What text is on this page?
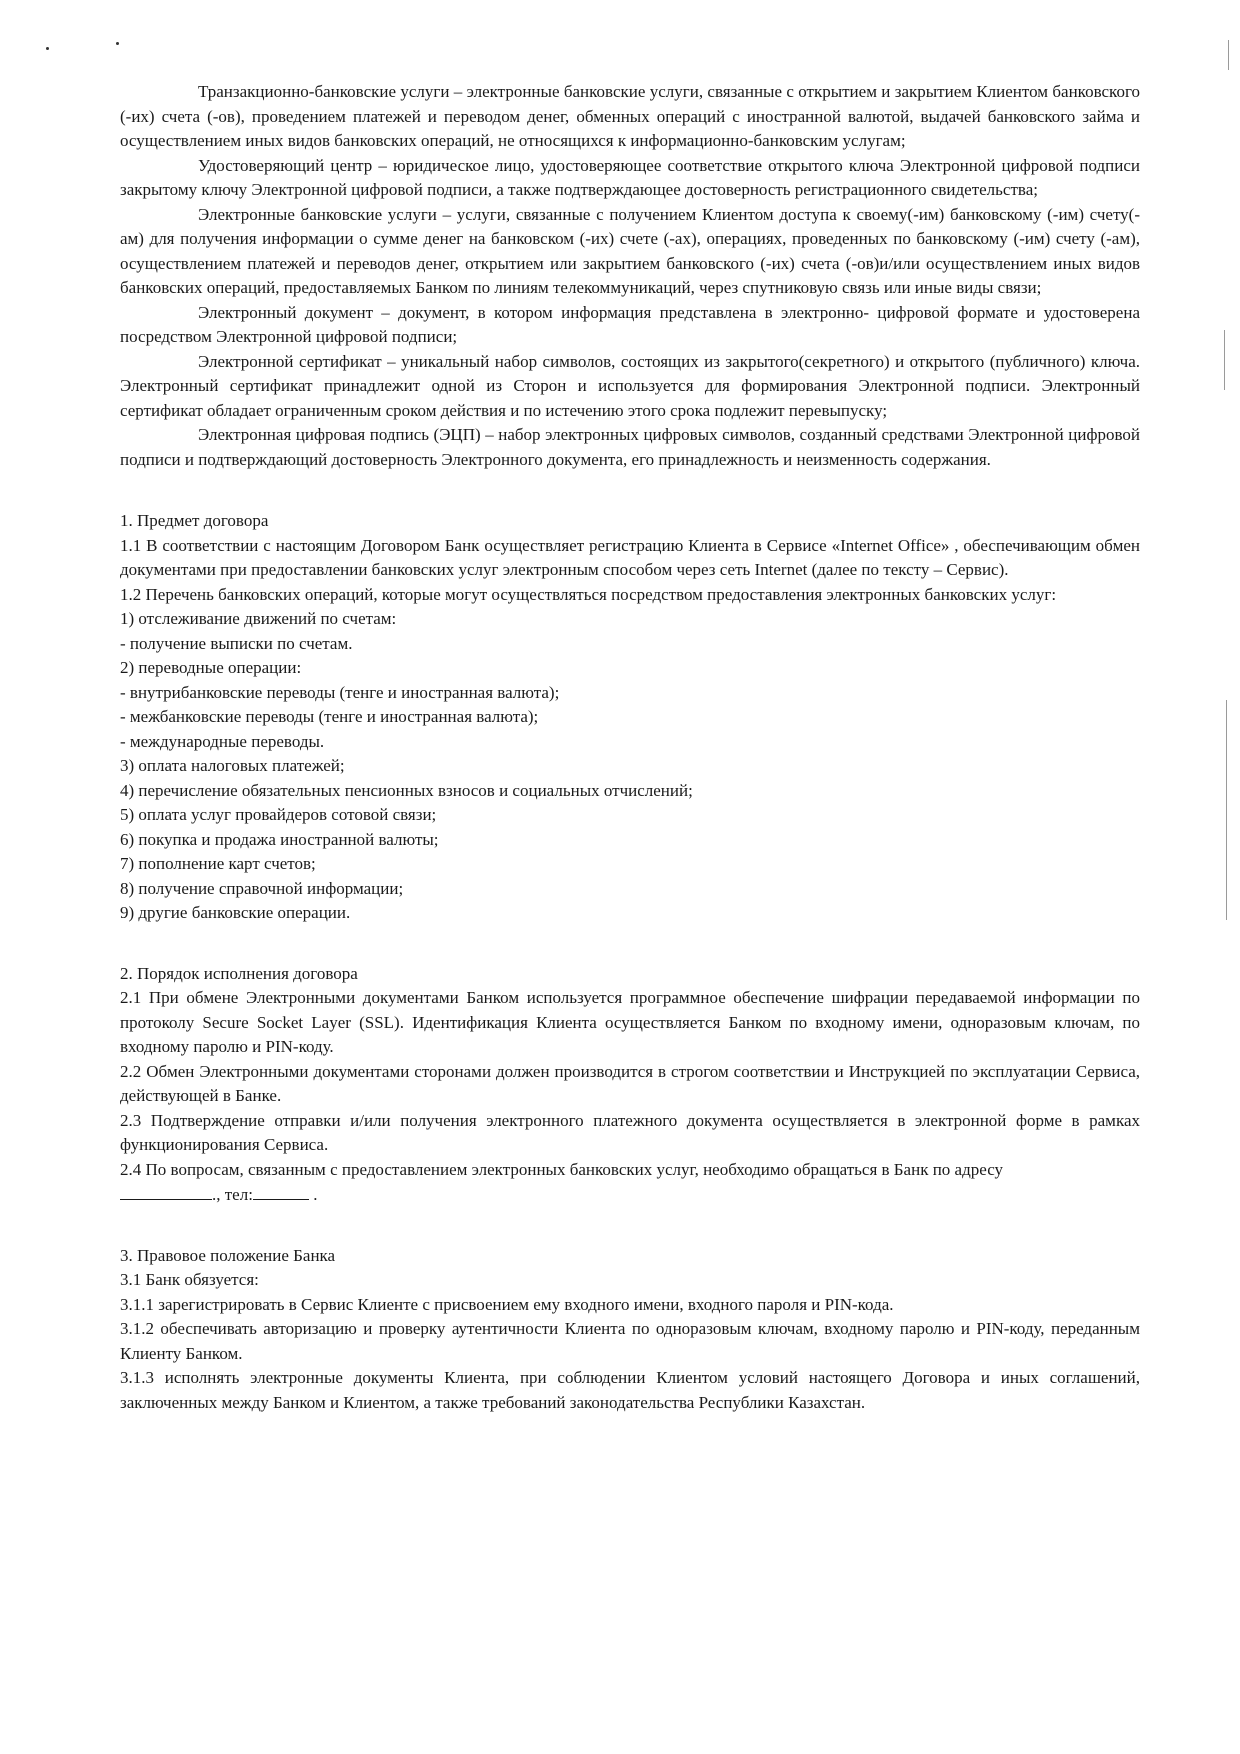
Транзакционно-банковские услуги – электронные банковские услуги, связанные с открытием и закрытием Клиентом банковского (-их) счета (-ов), проведением платежей и переводом денег, обменных операций с иностранной валютой, выдачей банковского займа и осуществлением иных видов банковских операций, не относящихся к информационно-банковским услугам;

Удостоверяющий центр – юридическое лицо, удостоверяющее соответствие открытого ключа Электронной цифровой подписи закрытому ключу Электронной цифровой подписи, а также подтверждающее достоверность регистрационного свидетельства;

Электронные банковские услуги – услуги, связанные с получением Клиентом доступа к своему(-им) банковскому (-им) счету(-ам) для получения информации о сумме денег на банковском (-их) счете (-ах), операциях, проведенных по банковскому (-им) счету (-ам), осуществлением платежей и переводов денег, открытием или закрытием банковского (-их) счета (-ов)и/или осуществлением иных видов банковских операций, предоставляемых Банком по линиям телекоммуникаций, через спутниковую связь или иные виды связи;

Электронный документ – документ, в котором информация представлена в электронно- цифровой формате и удостоверена посредством Электронной цифровой подписи;

Электронной сертификат – уникальный набор символов, состоящих из закрытого(секретного) и открытого (публичного) ключа. Электронный сертификат принадлежит одной из Сторон и используется для формирования Электронной подписи. Электронный сертификат обладает ограниченным сроком действия и по истечению этого срока подлежит перевыпуску;

Электронная цифровая подпись (ЭЦП) – набор электронных цифровых символов, созданный средствами Электронной цифровой подписи и подтверждающий достоверность Электронного документа, его принадлежность и неизменность содержания.

1. Предмет договора

1.1 В соответствии с настоящим Договором Банк осуществляет регистрацию Клиента в Сервисе «Internet Office» , обеспечивающим обмен документами при предоставлении банковских услуг электронным способом через сеть Internet (далее по тексту – Сервис).

1.2 Перечень банковских операций, которые могут осуществляться посредством предоставления электронных банковских услуг:

1) отслеживание движений по счетам:

- получение выписки по счетам.

2) переводные операции:

- внутрибанковские переводы (тенге и иностранная валюта);

- межбанковские переводы (тенге и иностранная валюта);

- международные переводы.

3) оплата налоговых платежей;

4) перечисление обязательных пенсионных взносов и социальных отчислений;

5) оплата услуг провайдеров сотовой связи;

6) покупка и продажа иностранной валюты;

7) пополнение карт счетов;

8) получение справочной информации;

9) другие банковские операции.

2. Порядок исполнения договора

2.1 При обмене Электронными документами Банком используется программное обеспечение шифрации передаваемой информации по протоколу Secure Socket Layer (SSL). Идентификация Клиента осуществляется Банком по входному имени, одноразовым ключам, по входному паролю и PIN-коду.

2.2 Обмен Электронными документами сторонами должен производится в строгом соответствии и Инструкцией по эксплуатации Сервиса, действующей в Банке.

2.3 Подтверждение отправки и/или получения электронного платежного документа осуществляется в электронной форме в рамках функционирования Сервиса.

2.4 По вопросам, связанным с предоставлением электронных банковских услуг, необходимо обращаться в Банк по адресу

., тел:	.

3. Правовое положение Банка

3.1 Банк обязуется:

3.1.1 зарегистрировать в Сервис Клиенте с присвоением ему входного имени, входного пароля и PIN-кода.

3.1.2 обеспечивать авторизацию и проверку аутентичности Клиента по одноразовым ключам, входному паролю и PIN-коду, переданным Клиенту Банком.

3.1.3 исполнять электронные документы Клиента, при соблюдении Клиентом условий настоящего Договора и иных соглашений, заключенных между Банком и Клиентом, а также требований законодательства Республики Казахстан.
